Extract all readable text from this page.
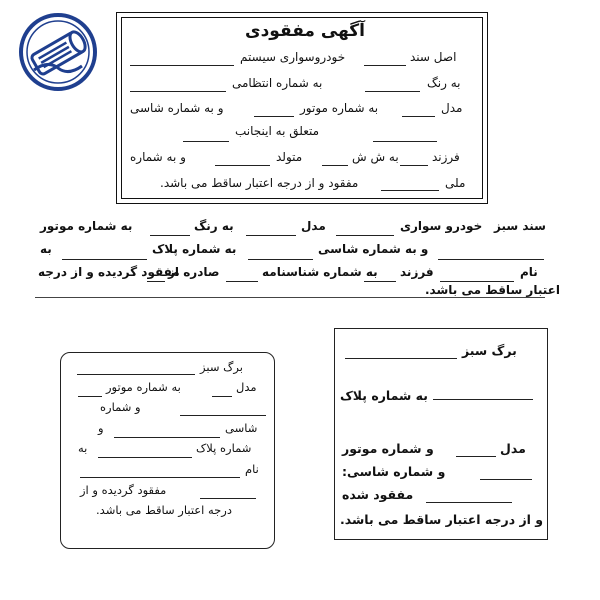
آگهی مفقودی
اصل سند
خودروسواری سیستم
به رنگ
به شماره انتظامی
مدل
به شماره موتور
و به شماره شاسی
متعلق به اینجانب
فرزند
به ش ش
متولد
و به شماره
ملی
مفقود و از درجه اعتبار ساقط می باشد.
سند سبز
خودرو سواری
مدل
به رنگ
به شماره موتور
و به شماره شاسی
به شماره پلاک
به
نام
فرزند
به شماره شناسنامه
صادره از
مفقود گردیده و از درجه
اعتبار ساقط می باشد.
برگ سبز
مدل
به شماره موتور
و شماره
شاسی
و
شماره پلاک
به
نام
مفقود گردیده و از
درجه اعتبار ساقط می باشد.
برگ سبز
به شماره پلاک
مدل
و شماره موتور
و شماره شاسی:
مفقود شده
و از درجه اعتبار ساقط می باشد.
